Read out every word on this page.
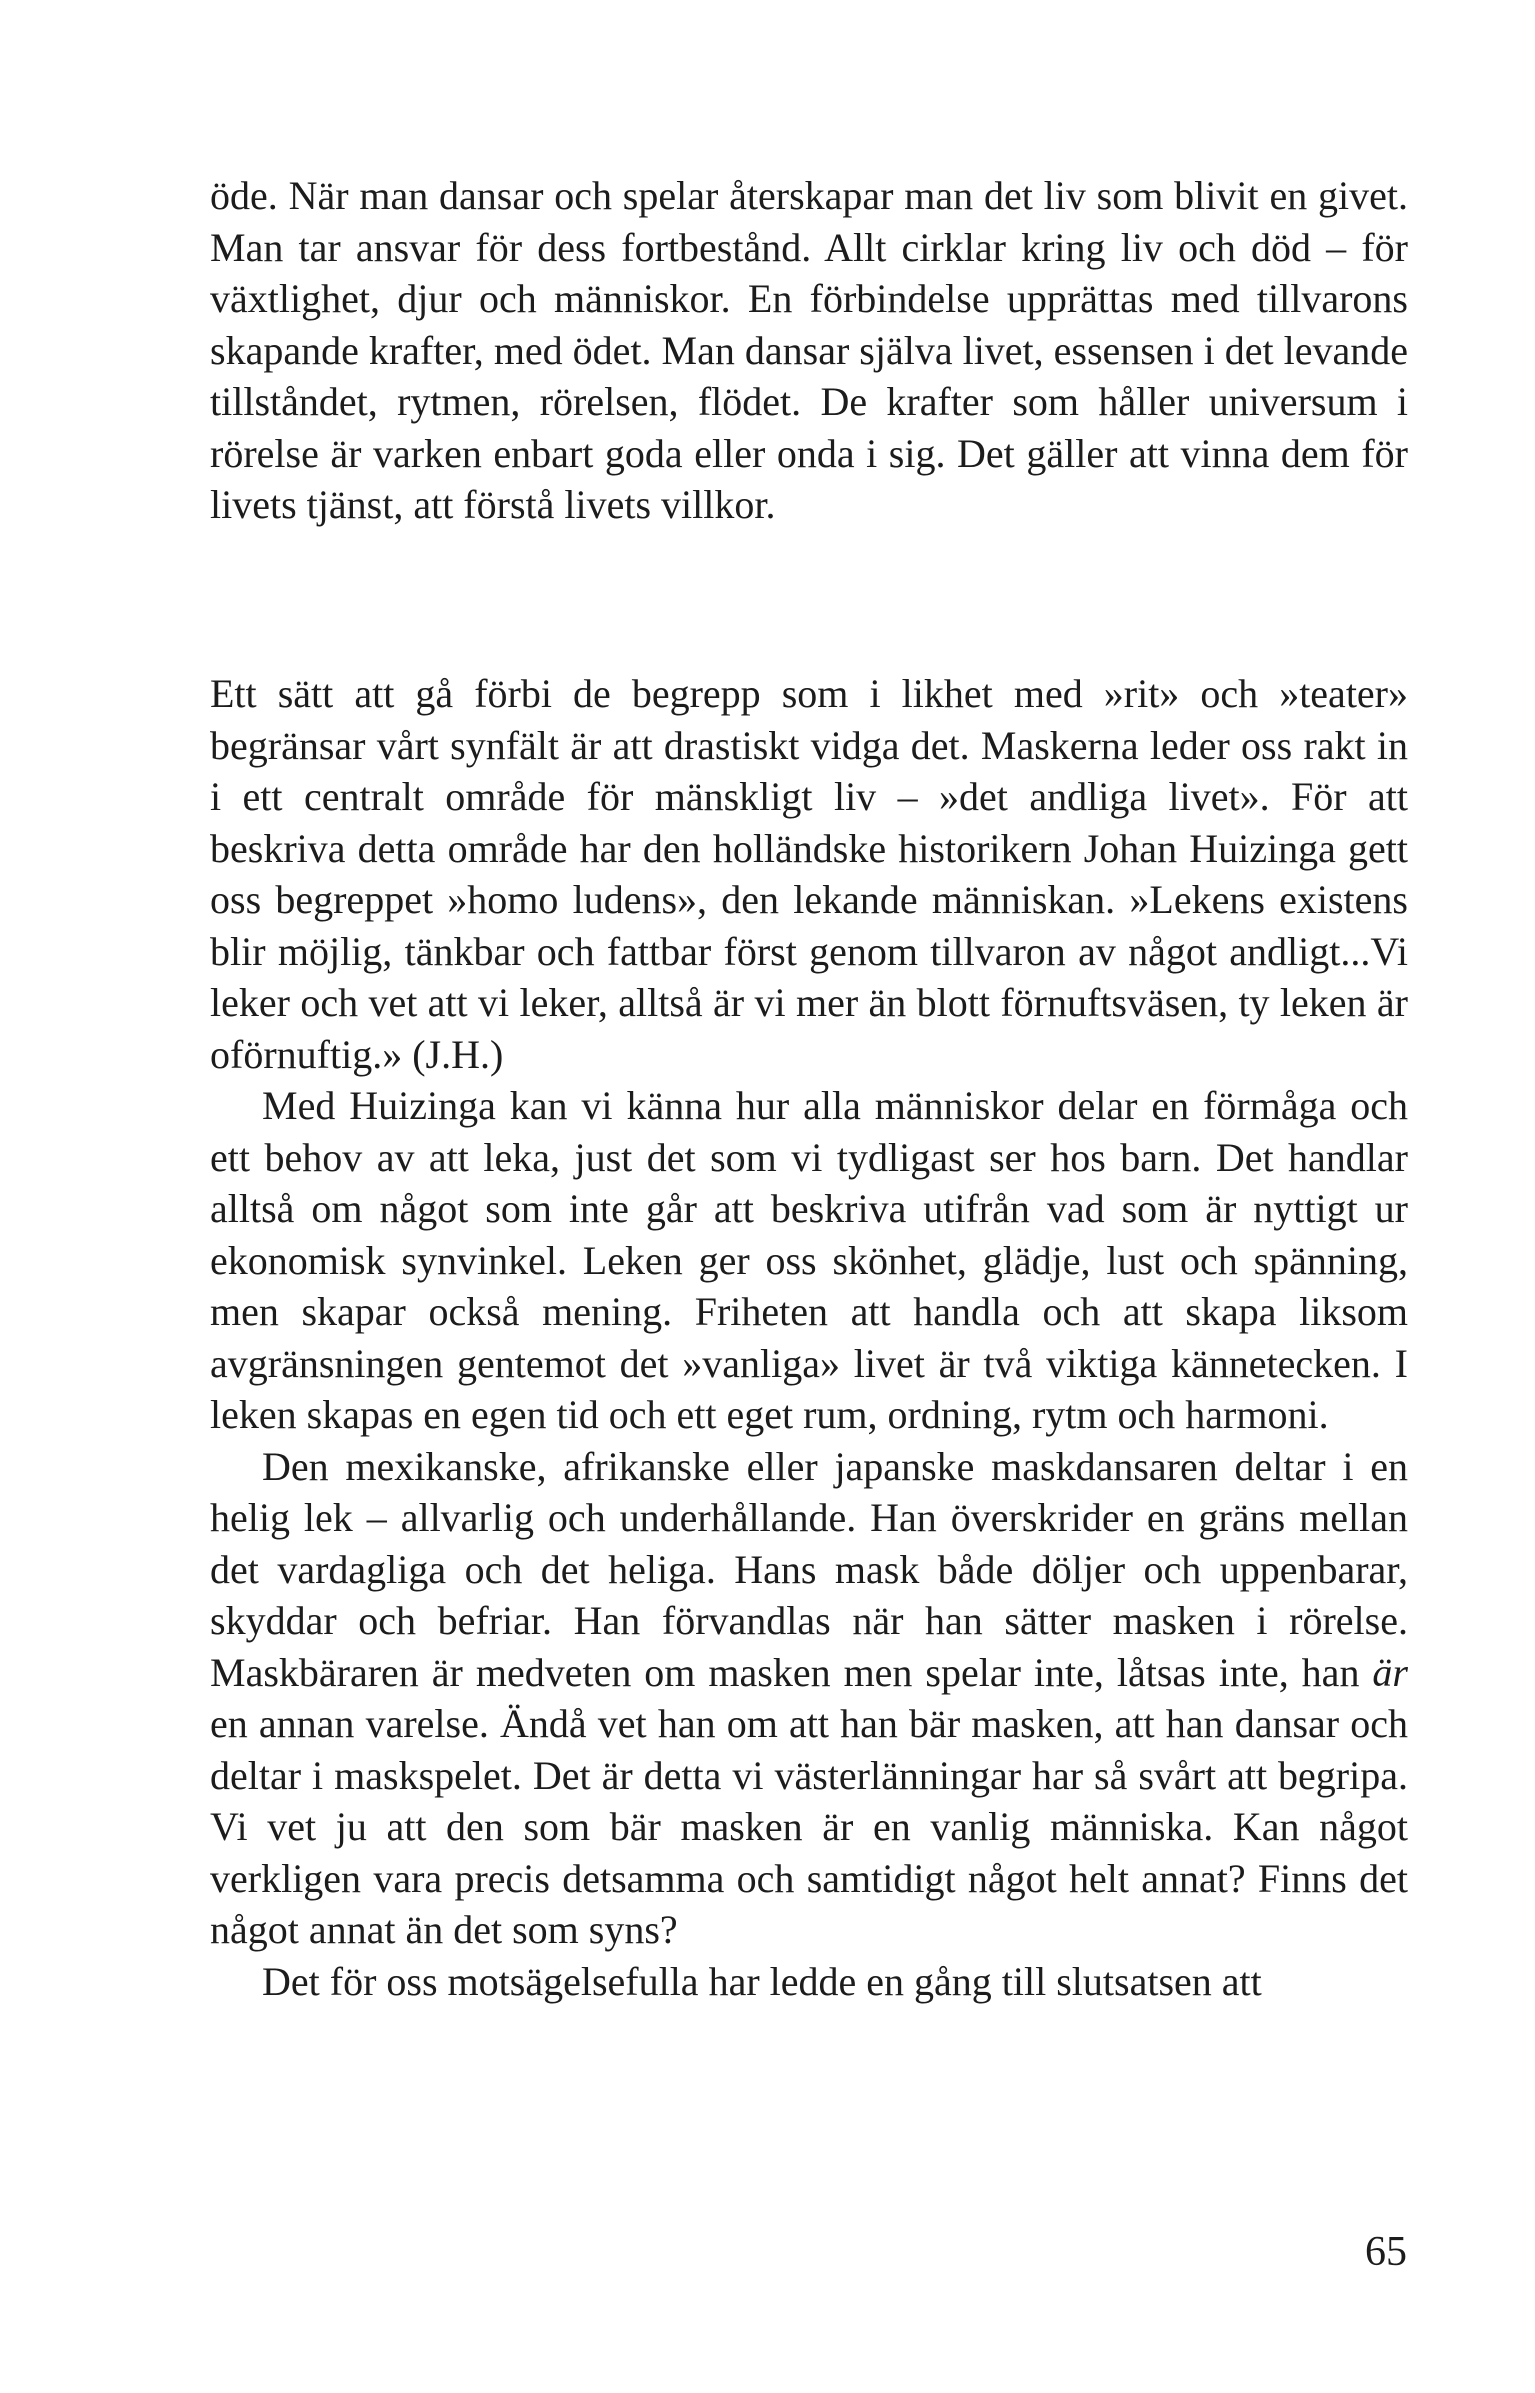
öde. När man dansar och spelar återskapar man det liv som blivit en givet. Man tar ansvar för dess fortbestånd. Allt cirklar kring liv och död – för växtlighet, djur och människor. En förbindelse upprättas med tillvarons skapande krafter, med ödet. Man dansar själva livet, essensen i det levande tillståndet, rytmen, rörelsen, flödet. De krafter som håller universum i rörelse är varken enbart goda eller onda i sig. Det gäller att vinna dem för livets tjänst, att förstå livets villkor.

Ett sätt att gå förbi de begrepp som i likhet med »rit» och »teater» begränsar vårt synfält är att drastiskt vidga det. Maskerna leder oss rakt in i ett centralt område för mänskligt liv – »det andliga livet». För att beskriva detta område har den holländske historikern Johan Huizinga gett oss begreppet »homo ludens», den lekande människan. »Lekens existens blir möjlig, tänkbar och fattbar först genom tillvaron av något andligt...Vi leker och vet att vi leker, alltså är vi mer än blott förnuftsväsen, ty leken är oförnuftig.» (J.H.)

Med Huizinga kan vi känna hur alla människor delar en förmåga och ett behov av att leka, just det som vi tydligast ser hos barn. Det handlar alltså om något som inte går att beskriva utifrån vad som är nyttigt ur ekonomisk synvinkel. Leken ger oss skönhet, glädje, lust och spänning, men skapar också mening. Friheten att handla och att skapa liksom avgränsningen gentemot det »vanliga» livet är två viktiga kännetecken. I leken skapas en egen tid och ett eget rum, ordning, rytm och harmoni.

Den mexikanske, afrikanske eller japanske maskdansaren deltar i en helig lek – allvarlig och underhållande. Han överskrider en gräns mellan det vardagliga och det heliga. Hans mask både döljer och uppenbarar, skyddar och befriar. Han förvandlas när han sätter masken i rörelse. Maskbäraren är medveten om masken men spelar inte, låtsas inte, han är en annan varelse. Ändå vet han om att han bär masken, att han dansar och deltar i maskspelet. Det är detta vi västerlänningar har så svårt att begripa. Vi vet ju att den som bär masken är en vanlig människa. Kan något verkligen vara precis detsamma och samtidigt något helt annat? Finns det något annat än det som syns?

Det för oss motsägelsefulla har ledde en gång till slutsatsen att

65
